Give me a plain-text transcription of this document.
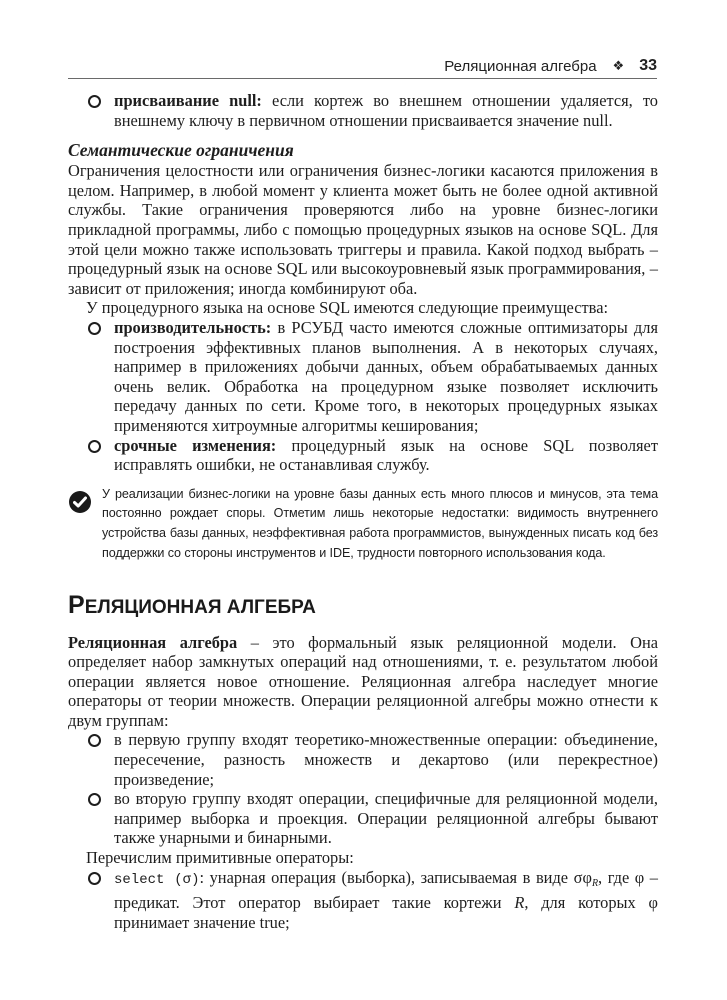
Реляционная алгебра ❖ 33
присваивание null: если кортеж во внешнем отношении удаляется, то внешнему ключу в первичном отношении присваивается значение null.
Семантические ограничения

Ограничения целостности или ограничения бизнес-логики касаются приложения в целом. Например, в любой момент у клиента может быть не более одной активной службы. Такие ограничения проверяются либо на уровне бизнес-логики прикладной программы, либо с помощью процедурных языков на основе SQL. Для этой цели можно также использовать триггеры и правила. Какой подход выбрать – процедурный язык на основе SQL или высокоуровневый язык программирования, – зависит от приложения; иногда комбинируют оба.

У процедурного языка на основе SQL имеются следующие преимущества:

производительность: в РСУБД часто имеются сложные оптимизаторы для построения эффективных планов выполнения. А в некоторых случаях, например в приложениях добычи данных, объем обрабатываемых данных очень велик. Обработка на процедурном языке позволяет исключить передачу данных по сети. Кроме того, в некоторых процедурных языках применяются хитроумные алгоритмы кеширования;
срочные изменения: процедурный язык на основе SQL позволяет исправлять ошибки, не останавливая службу.
У реализации бизнес-логики на уровне базы данных есть много плюсов и минусов, эта тема постоянно рождает споры. Отметим лишь некоторые недостатки: видимость внутреннего устройства базы данных, неэффективная работа программистов, вынужденных писать код без поддержки со стороны инструментов и IDE, трудности повторного использования кода.
РЕЛЯЦИОННАЯ АЛГЕБРА

Реляционная алгебра – это формальный язык реляционной модели. Она определяет набор замкнутых операций над отношениями, т. е. результатом любой операции является новое отношение. Реляционная алгебра наследует многие операторы от теории множеств. Операции реляционной алгебры можно отнести к двум группам:

в первую группу входят теоретико-множественные операции: объединение, пересечение, разность множеств и декартово (или перекрестное) произведение;
во вторую группу входят операции, специфичные для реляционной модели, например выборка и проекция. Операции реляционной алгебры бывают также унарными и бинарными.

Перечислим примитивные операторы:

select (σ): унарная операция (выборка), записываемая в виде $\sigma\varphi_R$, где φ – предикат. Этот оператор выбирает такие кортежи R, для которых φ принимает значение true;
